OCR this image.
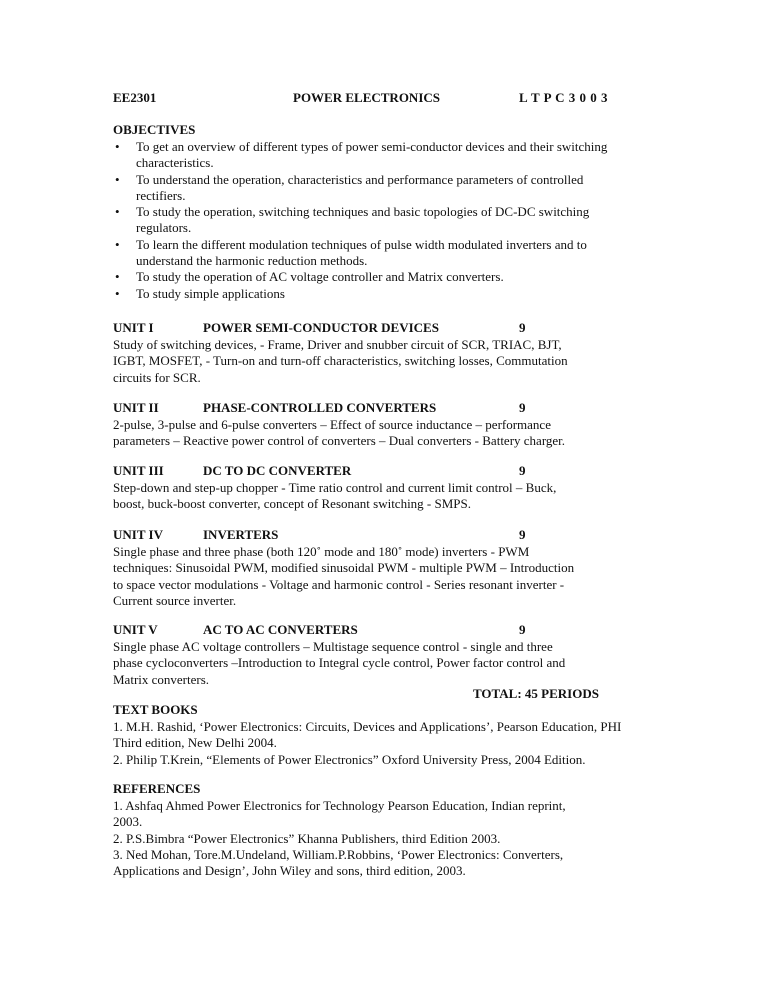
EE2301	POWER ELECTRONICS	L T P C 3 0 0 3
OBJECTIVES
• To get an overview of different types of power semi-conductor devices and their switching
characteristics.
• To understand the operation, characteristics and performance parameters of controlled
rectifiers.
• To study the operation, switching techniques and basic topologies of DC-DC switching
regulators.
• To learn the different modulation techniques of pulse width modulated inverters and to
understand the harmonic reduction methods.
• To study the operation of AC voltage controller and Matrix converters.
• To study simple applications
UNIT I	POWER SEMI-CONDUCTOR DEVICES	9
Study of switching devices, - Frame, Driver and snubber circuit of SCR, TRIAC, BJT,
IGBT, MOSFET, - Turn-on and turn-off characteristics, switching losses, Commutation
circuits for SCR.
UNIT II	PHASE-CONTROLLED CONVERTERS	9
2-pulse, 3-pulse and 6-pulse converters – Effect of source inductance – performance
parameters – Reactive power control of converters – Dual converters - Battery charger.
UNIT III	DC TO DC CONVERTER	9
Step-down and step-up chopper - Time ratio control and current limit control – Buck,
boost, buck-boost converter, concept of Resonant switching - SMPS.
UNIT IV	INVERTERS	9
Single phase and three phase (both 120˚ mode and 180˚ mode) inverters - PWM
techniques: Sinusoidal PWM, modified sinusoidal PWM - multiple PWM – Introduction
to space vector modulations - Voltage and harmonic control - Series resonant inverter -
Current source inverter.
UNIT V	AC TO AC CONVERTERS	9
Single phase AC voltage controllers – Multistage sequence control - single and three
phase cycloconverters –Introduction to Integral cycle control, Power factor control and
Matrix converters.
TOTAL: 45 PERIODS
TEXT BOOKS
1. M.H. Rashid, ‘Power Electronics: Circuits, Devices and Applications’, Pearson Education, PHI
Third edition, New Delhi 2004.
2. Philip T.Krein, “Elements of Power Electronics” Oxford University Press, 2004 Edition.
REFERENCES
1. Ashfaq Ahmed Power Electronics for Technology Pearson Education, Indian reprint,
2003.
2. P.S.Bimbra “Power Electronics” Khanna Publishers, third Edition 2003.
3. Ned Mohan, Tore.M.Undeland, William.P.Robbins, ‘Power Electronics: Converters,
Applications and Design’, John Wiley and sons, third edition, 2003.
